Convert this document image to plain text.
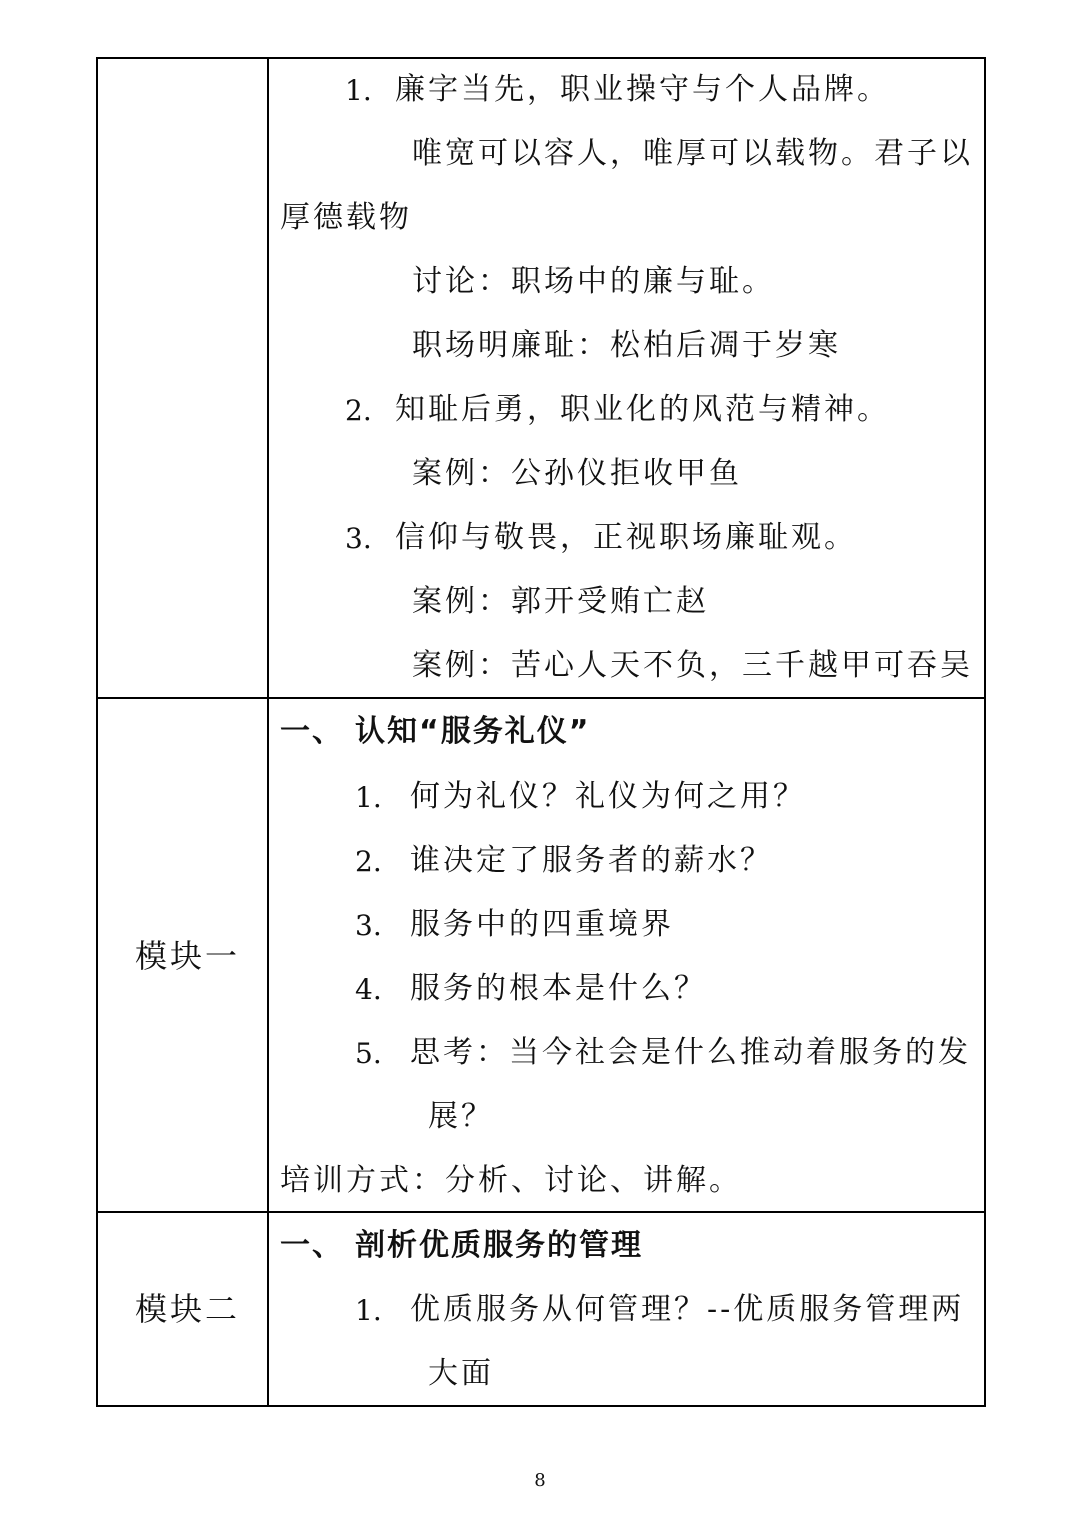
1. 廉字当先，职业操守与个人品牌。
唯宽可以容人，唯厚可以载物。君子以
厚德载物
讨论：职场中的廉与耻。
职场明廉耻：松柏后凋于岁寒
2. 知耻后勇，职业化的风范与精神。
案例：公孙仪拒收甲鱼
3. 信仰与敬畏，正视职场廉耻观。
案例：郭开受贿亡赵
案例：苦心人天不负，三千越甲可吞吴
模块一
一、 认知“服务礼仪”
1. 何为礼仪？礼仪为何之用？
2. 谁决定了服务者的薪水？
3. 服务中的四重境界
4. 服务的根本是什么？
5. 思考：当今社会是什么推动着服务的发
展？
培训方式：分析、讨论、讲解。
模块二
一、 剖析优质服务的管理
1. 优质服务从何管理？--优质服务管理两
大面
8
